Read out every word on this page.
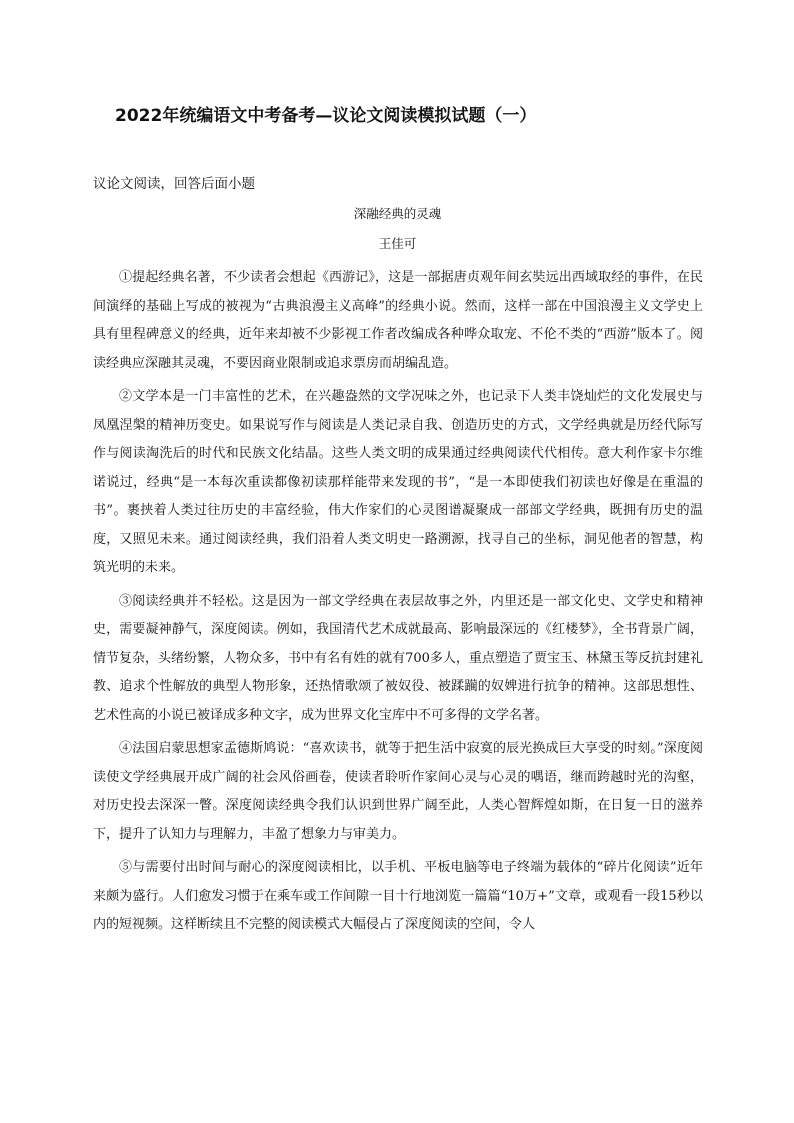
2022年统编语文中考备考—议论文阅读模拟试题（一）

议论文阅读，回答后面小题

深融经典的灵魂

王佳可

①提起经典名著，不少读者会想起《西游记》，这是一部据唐贞观年间玄奘远出西域取经的事件，在民间演绎的基础上写成的被视为“古典浪漫主义高峰”的经典小说。然而，这样一部在中国浪漫主义文学史上具有里程碑意义的经典，近年来却被不少影视工作者改编成各种哗众取宠、不伦不类的“西游”版本了。阅读经典应深融其灵魂，不要因商业限制或追求票房而胡编乱造。

②文学本是一门丰富性的艺术，在兴趣盎然的文学况味之外，也记录下人类丰饶灿烂的文化发展史与凤凰涅槃的精神历变史。如果说写作与阅读是人类记录自我、创造历史的方式，文学经典就是历经代际写作与阅读淘洗后的时代和民族文化结晶。这些人类文明的成果通过经典阅读代代相传。意大利作家卡尔维诺说过，经典“是一本每次重读都像初读那样能带来发现的书”，“是一本即使我们初读也好像是在重温的书”。裹挟着人类过往历史的丰富经验，伟大作家们的心灵图谱凝聚成一部部文学经典，既拥有历史的温度，又照见未来。通过阅读经典，我们沿着人类文明史一路溯源，找寻自己的坐标，洞见他者的智慧，构筑光明的未来。

③阅读经典并不轻松。这是因为一部文学经典在表层故事之外，内里还是一部文化史、文学史和精神史，需要凝神静气，深度阅读。例如，我国清代艺术成就最高、影响最深远的《红楼梦》，全书背景广阔，情节复杂，头绪纷繁，人物众多，书中有名有姓的就有700多人，重点塑造了贾宝玉、林黛玉等反抗封建礼教、追求个性解放的典型人物形象，还热情歌颂了被奴役、被蹂躏的奴婢进行抗争的精神。这部思想性、艺术性高的小说已被译成多种文字，成为世界文化宝库中不可多得的文学名著。

④法国启蒙思想家孟德斯鸠说：“喜欢读书，就等于把生活中寂寞的辰光换成巨大享受的时刻。”深度阅读使文学经典展开成广阔的社会风俗画卷，使读者聆听作家间心灵与心灵的喁语，继而跨越时光的沟壑，对历史投去深深一瞥。深度阅读经典令我们认识到世界广阔至此，人类心智辉煌如斯，在日复一日的滋养下，提升了认知力与理解力，丰盈了想象力与审美力。

⑤与需要付出时间与耐心的深度阅读相比，以手机、平板电脑等电子终端为载体的“碎片化阅读”近年来颇为盛行。人们愈发习惯于在乘车或工作间隙一目十行地浏览一篇篇“10万+”文章，或观看一段15秒以内的短视频。这样断续且不完整的阅读模式大幅侵占了深度阅读的空间，令人
